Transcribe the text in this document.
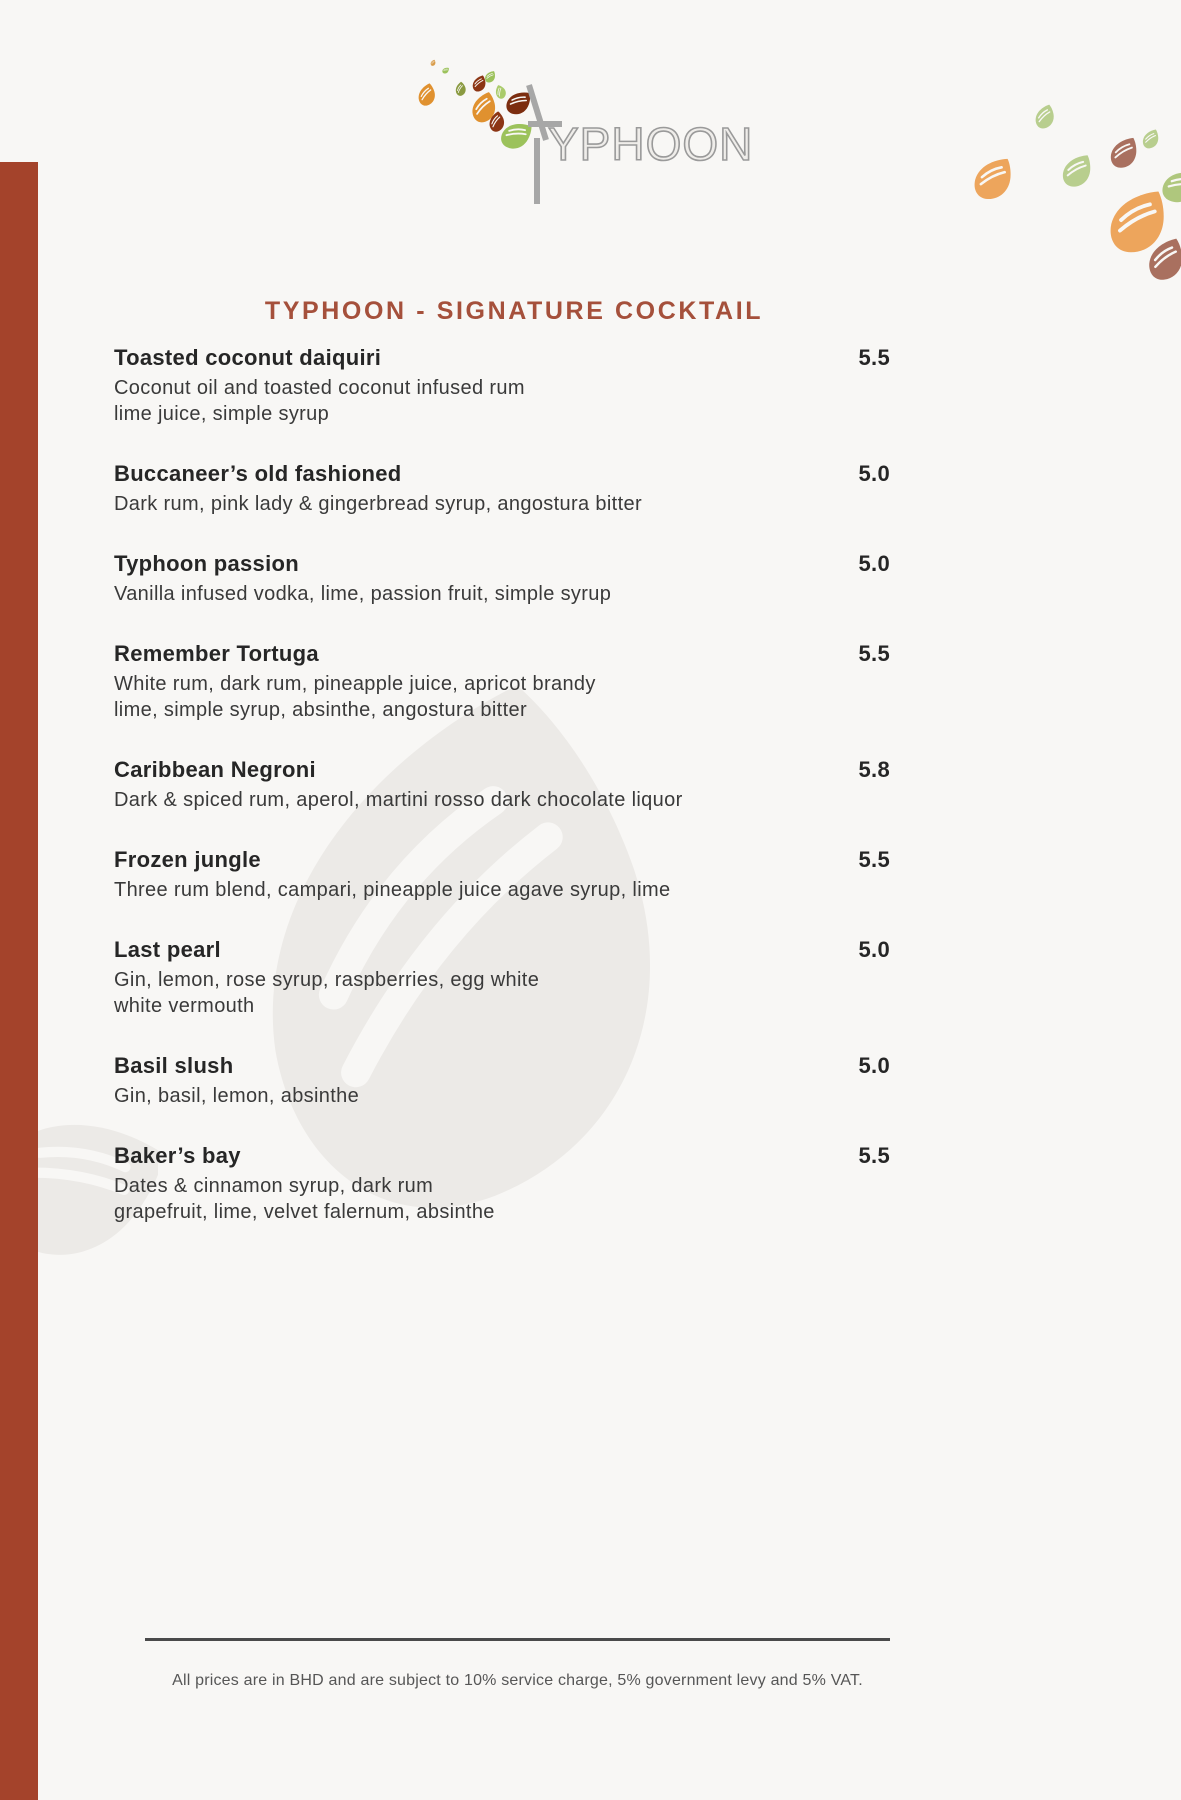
YPHOON
TYPHOON - SIGNATURE COCKTAIL
Toasted coconut daiquiri	5.5
Coconut oil and toasted coconut infused rum
lime juice, simple syrup
Buccaneer’s old fashioned	5.0
Dark rum, pink lady & gingerbread syrup, angostura bitter
Typhoon passion	5.0
Vanilla infused vodka, lime, passion fruit, simple syrup
Remember Tortuga	5.5
White rum, dark rum, pineapple juice, apricot brandy
lime, simple syrup, absinthe, angostura bitter
Caribbean Negroni	5.8
Dark & spiced rum, aperol, martini rosso dark chocolate liquor
Frozen jungle	5.5
Three rum blend, campari, pineapple juice agave syrup, lime
Last pearl	5.0
Gin, lemon, rose syrup, raspberries, egg white
white vermouth
Basil slush	5.0
Gin, basil, lemon, absinthe
Baker’s bay	5.5
Dates & cinnamon syrup, dark rum
grapefruit, lime, velvet falernum, absinthe
All prices are in BHD and are subject to 10% service charge, 5% government levy and 5% VAT.
